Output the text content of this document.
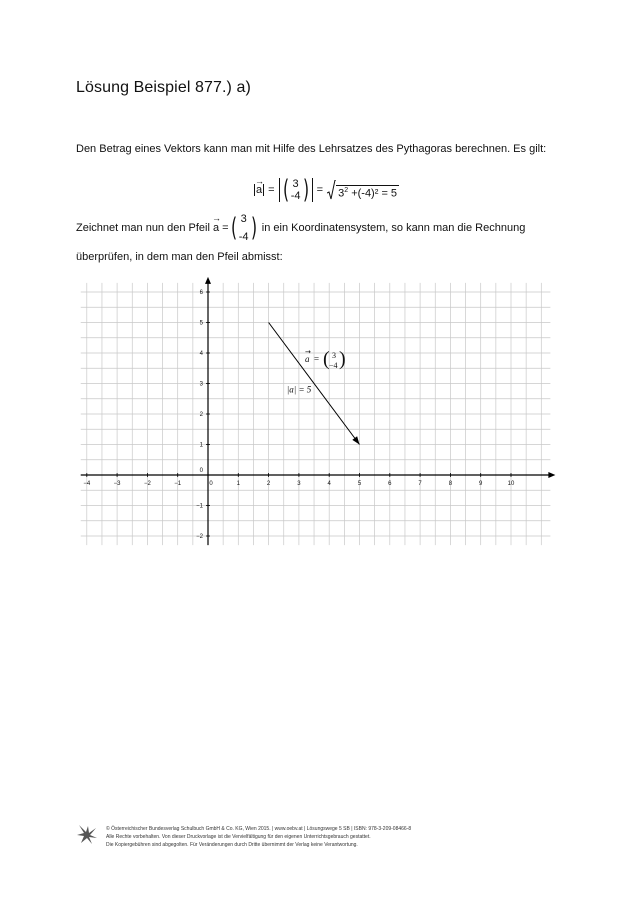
Lösung Beispiel 877.) a)
Den Betrag eines Vektors kann man mit Hilfe des Lehrsatzes des Pythagoras berechnen. Es gilt:
→ a = ( 3
-4 ) = $3^2 +(-4)^2 = 5$
Zeichnet man nun den Pfeil

→ a
= ( 3
-4 )
in ein Koordinatensystem, so kann man die Rechnung
überprüfen, in dem man den Pfeil abmisst:
−4	−3	−2	−1	0	1	2	3	4	5	6	7	8	9	10
−2
−1
0
1
2
3
4
5
6
a
→
= ( 3
−4 )
|a| = 5
© Österreichischer Bundesverlag Schulbuch GmbH & Co. KG, Wien 2015. | www.oebv.at | Lösungswege 5 SB | ISBN: 978-3-209-08466-8
Alle Rechte vorbehalten. Von dieser Druckvorlage ist die Vervielfältigung für den eigenen Unterrichtsgebrauch gestattet.
Die Kopiergebühren sind abgegolten. Für Veränderungen durch Dritte übernimmt der Verlag keine Verantwortung.
